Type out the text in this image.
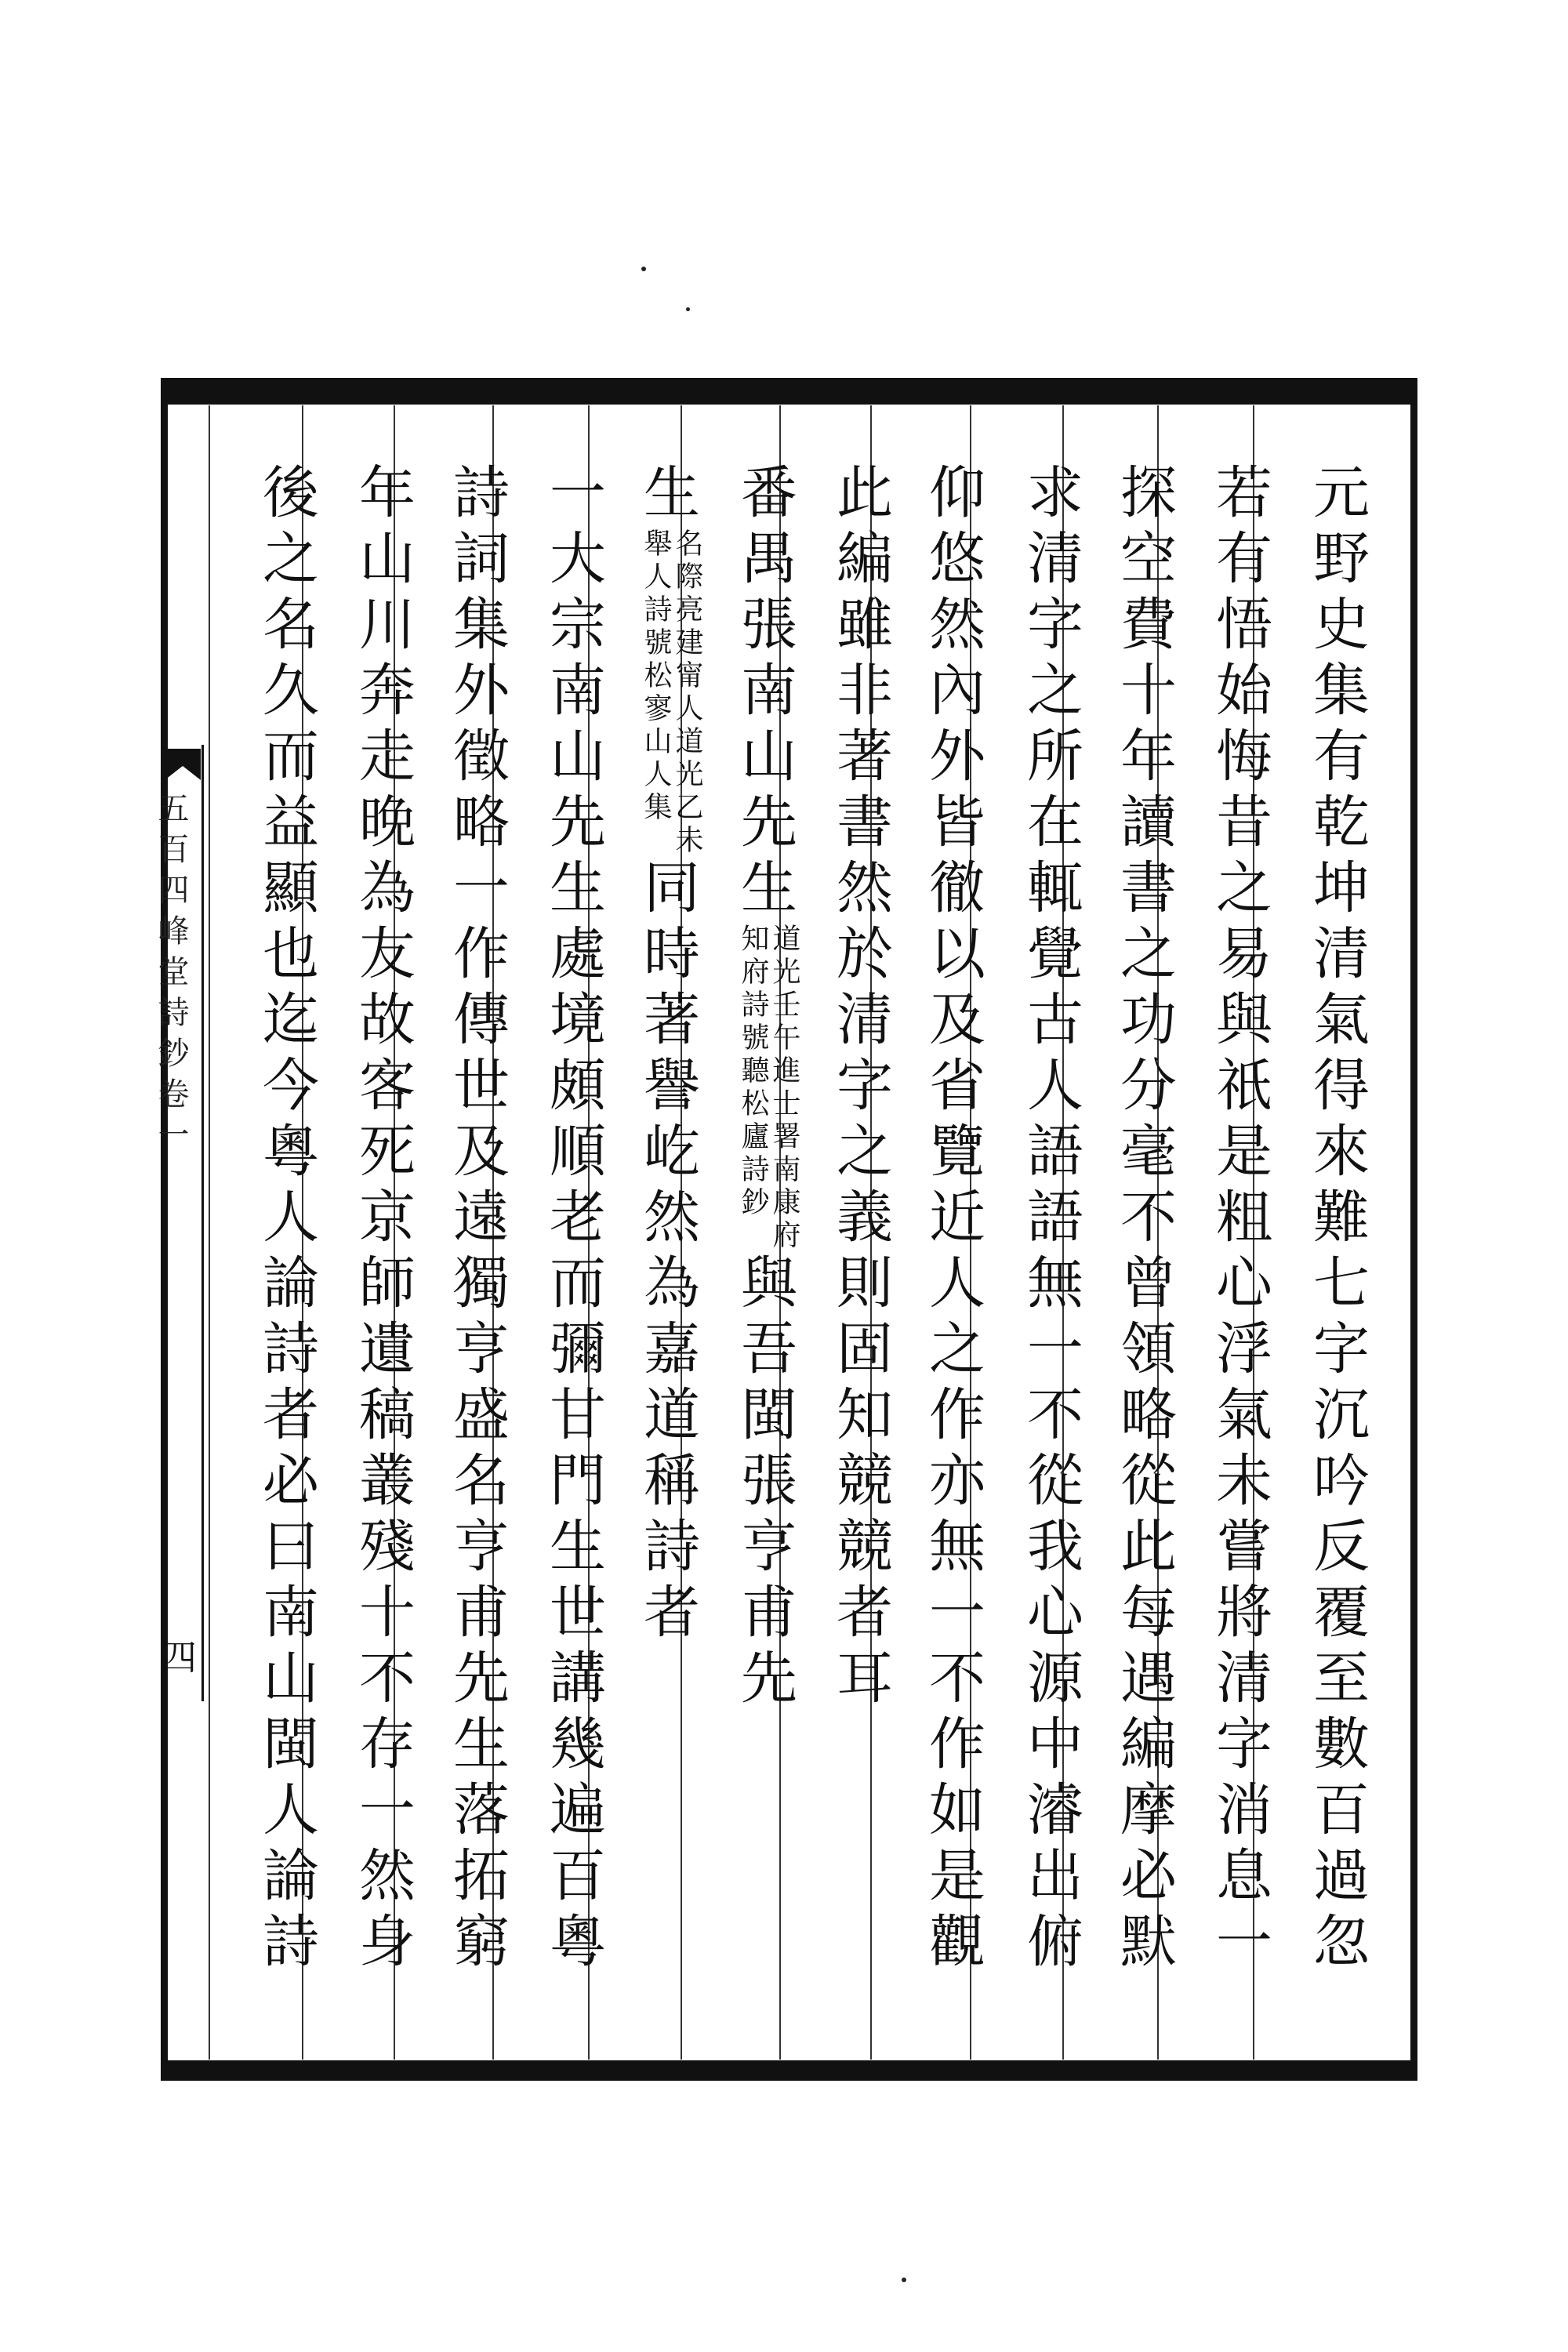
五百四峰堂詩鈔卷一
四	元野史集有乾坤清氣得來難七字沉吟反覆至數百過忽
若有悟始悔昔之易與祇是粗心浮氣未嘗將清字消息一
探空費十年讀書之功分毫不曾領略從此每遇編摩必默
求清字之所在輒覺古人語語無一不從我心源中濬出俯
仰悠然內外皆徹以及省覽近人之作亦無一不作如是觀
此編雖非著書然於清字之義則固知競競者耳
番禺張南山先生
道光壬午進士署南康府
知府詩號聽松廬詩鈔
與吾閩張亨甫先
生
名際亮建甯人道光乙未
舉人詩號松寥山人集
同時著譽屹然為嘉道稱詩者
一大宗南山先生處境頗順老而彌甘門生世講幾遍百粵
詩詞集外徵略一作傳世及遠獨亨盛名亨甫先生落拓窮
年山川奔走晚為友故客死京師遺稿叢殘十不存一然身
後之名久而益顯也迄今粵人論詩者必曰南山閩人論詩
